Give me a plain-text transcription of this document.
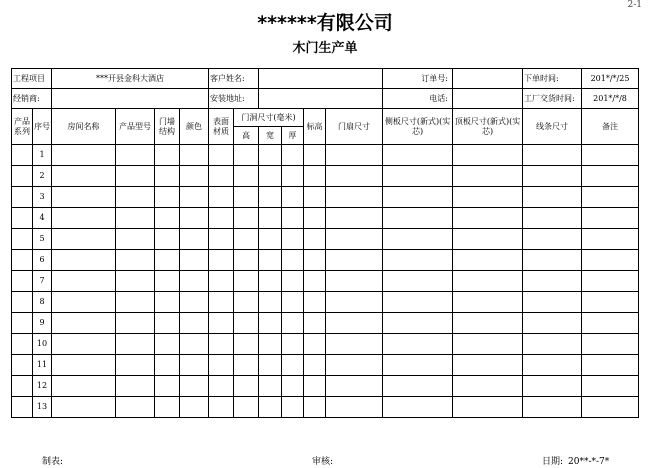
2-1
******有限公司
木门生产单
工程项目		***开县金科大酒店				客户姓名:						订单号:		下单时间:	201*/*/25
经销商:						安装地址:						电话:		工厂交货时间:	201*/*/8
产品系列	序号	房间名称	产品型号	门墙结构	颜色	表面材质	门洞尺寸(毫米)			标高	门扇尺寸	侧板尺寸(新式)(实芯)	顶板尺寸(新式)(实芯)	线条尺寸	备注
							高	宽	厚						
	1														
	2														
	3														
	4														
	5														
	6														
	7														
	8														
	9														
	10														
	11														
	12														
	13														
制表:	审核:	日期: 20**-*-7*
